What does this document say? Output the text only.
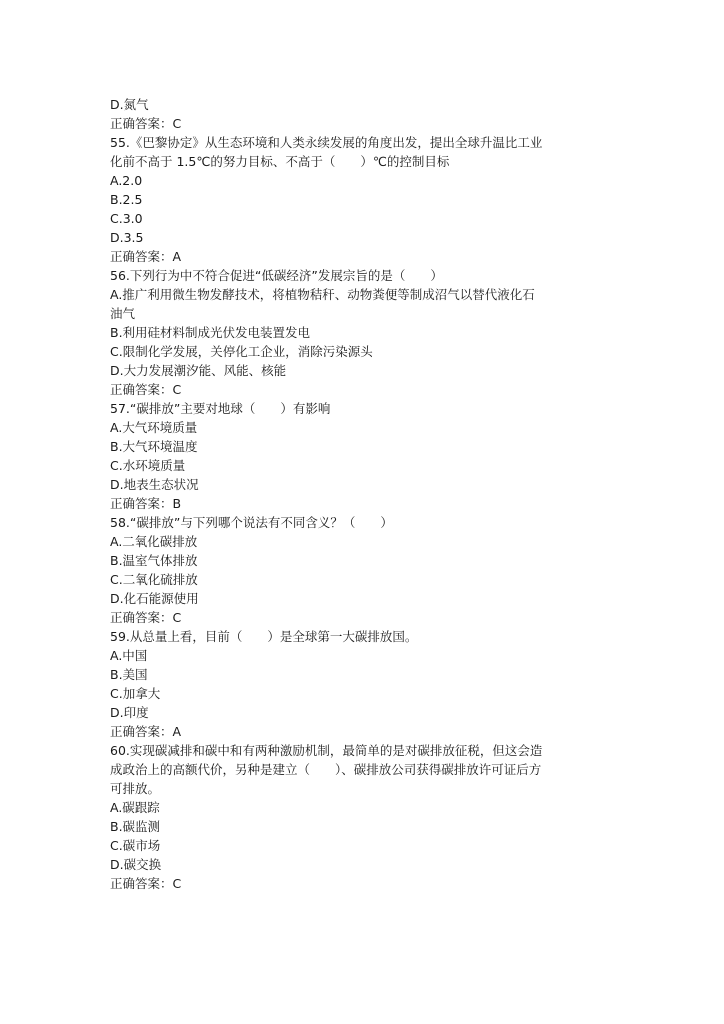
D.氮气
正确答案：C
55.《巴黎协定》从生态环境和人类永续发展的角度出发，提出全球升温比工业
化前不高于 1.5℃的努力目标、不高于（　　）℃的控制目标
A.2.0
B.2.5
C.3.0
D.3.5
正确答案：A
56.下列行为中不符合促进“低碳经济”发展宗旨的是（　　）
A.推广利用微生物发酵技术，将植物秸秆、动物粪便等制成沼气以替代液化石
油气
B.利用硅材料制成光伏发电装置发电
C.限制化学发展，关停化工企业，消除污染源头
D.大力发展潮汐能、风能、核能
正确答案：C
57.“碳排放”主要对地球（　　）有影响
A.大气环境质量
B.大气环境温度
C.水环境质量
D.地表生态状况
正确答案：B
58.“碳排放”与下列哪个说法有不同含义？（　　）
A.二氧化碳排放
B.温室气体排放
C.二氧化硫排放
D.化石能源使用
正确答案：C
59.从总量上看，目前（　　）是全球第一大碳排放国。
A.中国
B.美国
C.加拿大
D.印度
正确答案：A
60.实现碳减排和碳中和有两种激励机制，最简单的是对碳排放征税，但这会造
成政治上的高额代价，另种是建立（　　）、碳排放公司获得碳排放许可证后方
可排放。
A.碳跟踪
B.碳监测
C.碳市场
D.碳交换
正确答案：C
